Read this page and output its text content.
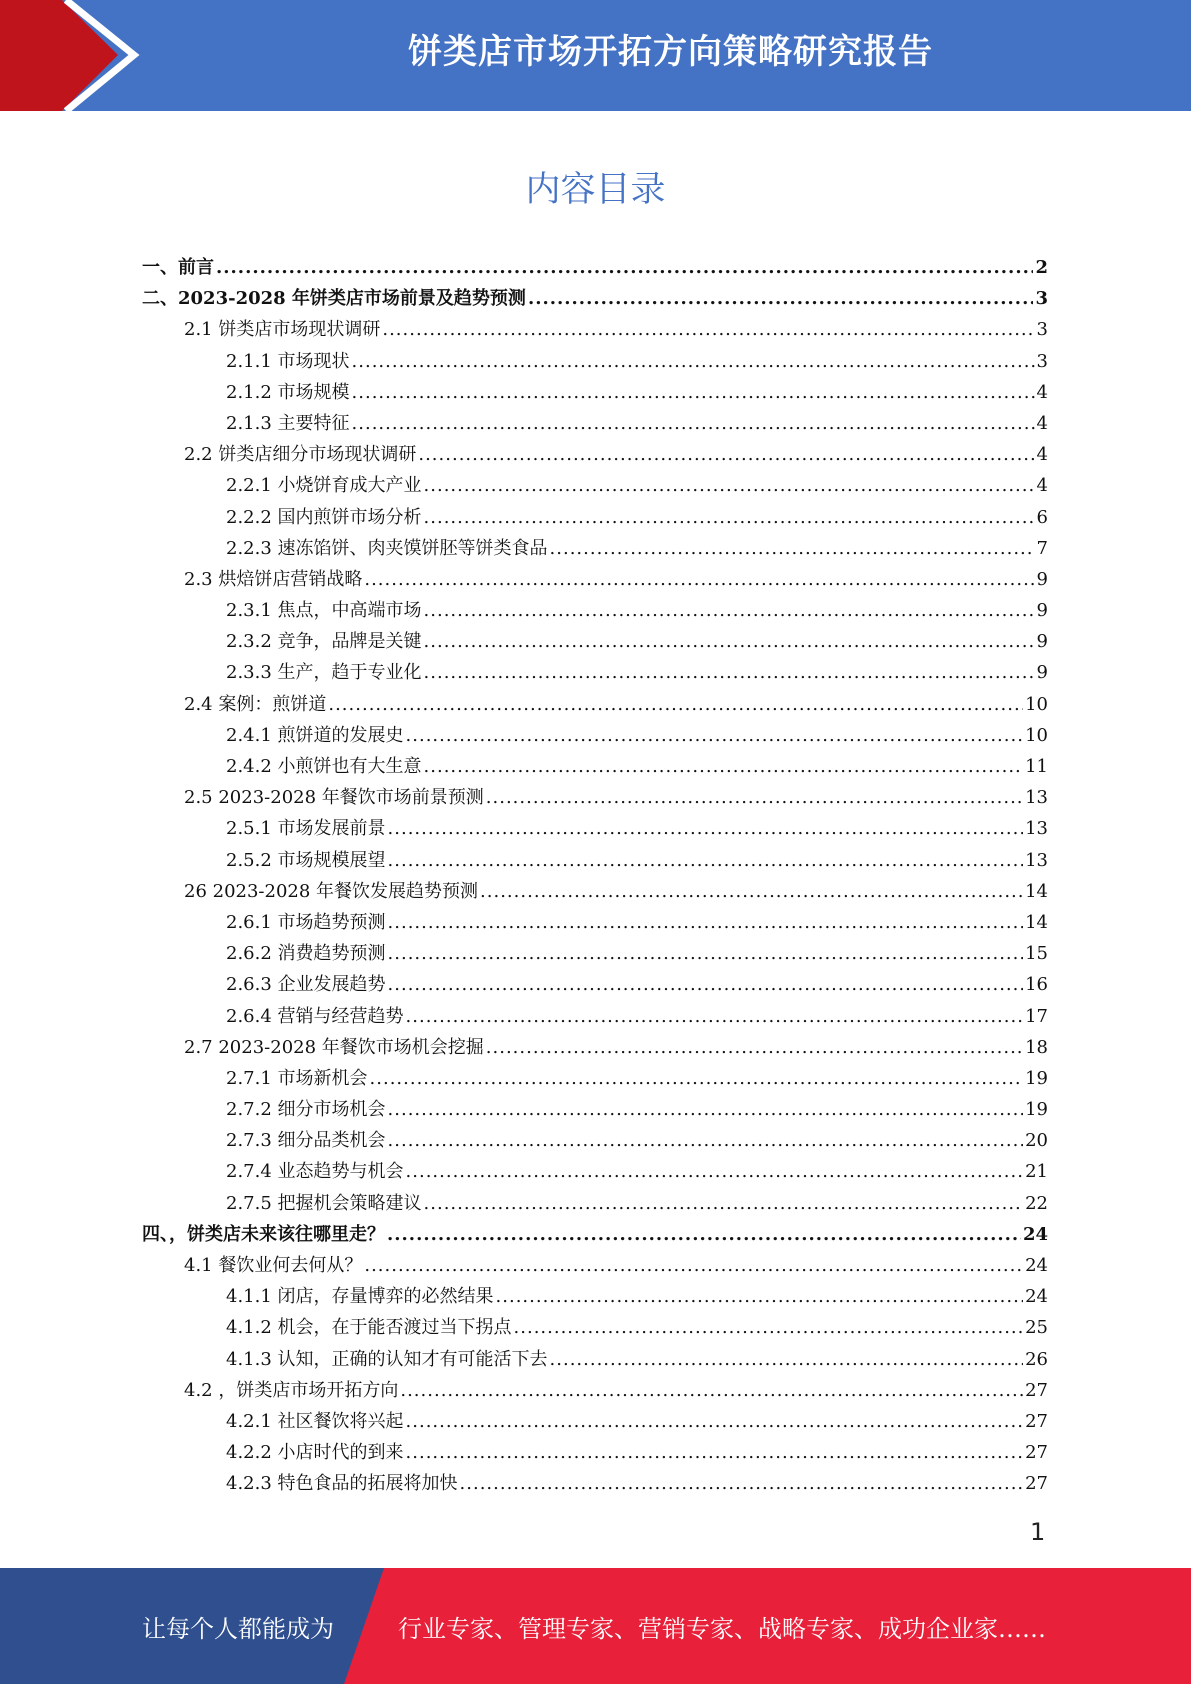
饼类店市场开拓方向策略研究报告
内容目录
一、前言 .....	2
二、2023-2028 年饼类店市场前景及趋势预测 .....	3
2.1 饼类店市场现状调研 .....	3
2.1.1 市场现状 .....	3
2.1.2 市场规模 .....	4
2.1.3 主要特征 .....	4
2.2 饼类店细分市场现状调研 .....	4
2.2.1 小烧饼育成大产业 .....	4
2.2.2 国内煎饼市场分析 .....	6
2.2.3 速冻馅饼、肉夹馍饼胚等饼类食品 .....	7
2.3 烘焙饼店营销战略 .....	9
2.3.1 焦点，中高端市场 .....	9
2.3.2 竞争，品牌是关键 .....	9
2.3.3 生产，趋于专业化 .....	9
2.4 案例：煎饼道 .....	10
2.4.1 煎饼道的发展史 .....	10
2.4.2 小煎饼也有大生意 .....	11
2.5 2023-2028 年餐饮市场前景预测 .....	13
2.5.1 市场发展前景 .....	13
2.5.2 市场规模展望 .....	13
26 2023-2028 年餐饮发展趋势预测 .....	14
2.6.1 市场趋势预测 .....	14
2.6.2 消费趋势预测 .....	15
2.6.3 企业发展趋势 .....	16
2.6.4 营销与经营趋势 .....	17
2.7 2023-2028 年餐饮市场机会挖掘 .....	18
2.7.1 市场新机会 .....	19
2.7.2 细分市场机会 .....	19
2.7.3 细分品类机会 .....	20
2.7.4 业态趋势与机会 .....	21
2.7.5 把握机会策略建议 .....	22
四、，饼类店未来该往哪里走？ .....	24
4.1 餐饮业何去何从？ .....	24
4.1.1 闭店，存量博弈的必然结果 .....	24
4.1.2 机会，在于能否渡过当下拐点 .....	25
4.1.3 认知，正确的认知才有可能活下去 .....	26
4.2 ，饼类店市场开拓方向 .....	27
4.2.1 社区餐饮将兴起 .....	27
4.2.2 小店时代的到来 .....	27
4.2.3 特色食品的拓展将加快 .....	27
1
让每个人都能成为	行业专家、管理专家、营销专家、战略专家、成功企业家……
